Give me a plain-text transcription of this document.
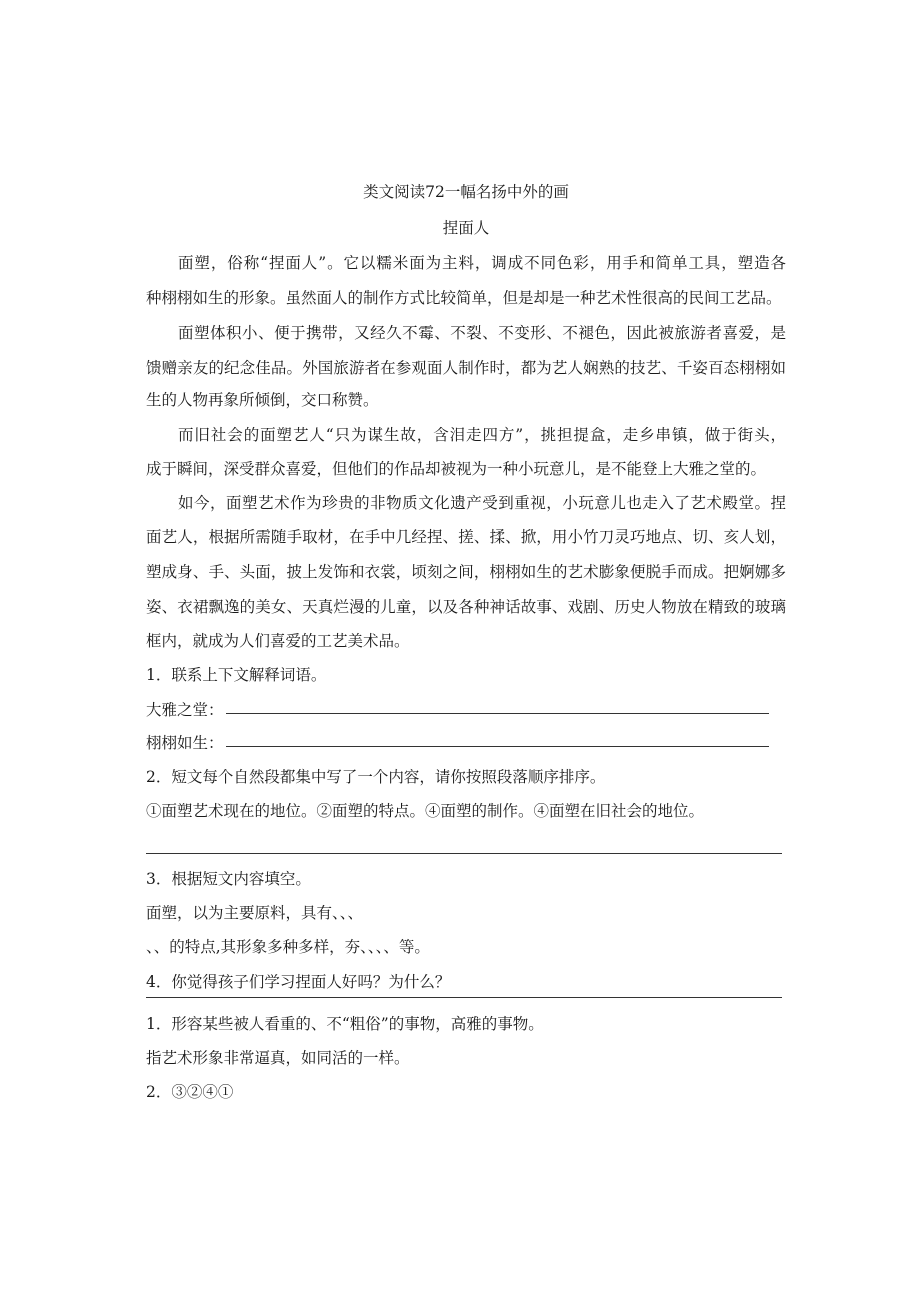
类文阅读72一幅名扬中外的画
捏面人
面塑，俗称“捏面人”。它以糯米面为主料，调成不同色彩，用手和简单工具，塑造各
种栩栩如生的形象。虽然面人的制作方式比较简单，但是却是一种艺术性很高的民间工艺品。
面塑体积小、便于携带，又经久不霉、不裂、不变形、不褪色，因此被旅游者喜爱，是
馈赠亲友的纪念佳品。外国旅游者在参观面人制作时，都为艺人娴熟的技艺、千姿百态栩栩如
生的人物再象所倾倒，交口称赞。
而旧社会的面塑艺人“只为谋生故，含泪走四方”，挑担提盒，走乡串镇，做于街头，
成于瞬间，深受群众喜爱，但他们的作品却被视为一种小玩意儿，是不能登上大雅之堂的。
如今，面塑艺术作为珍贵的非物质文化遗产受到重视，小玩意儿也走入了艺术殿堂。捏
面艺人，根据所需随手取材，在手中几经捏、搓、揉、掀，用小竹刀灵巧地点、切、亥人划，
塑成身、手、头面，披上发饰和衣裳，顷刻之间，栩栩如生的艺术膨象便脱手而成。把婀娜多
姿、衣裙飘逸的美女、天真烂漫的儿童，以及各种神话故事、戏剧、历史人物放在精致的玻璃
框内，就成为人们喜爱的工艺美术品。
1．联系上下文解释词语。
大雅之堂：
栩栩如生：
2．短文每个自然段都集中写了一个内容，请你按照段落顺序排序。
①面塑艺术现在的地位。②面塑的特点。④面塑的制作。④面塑在旧社会的地位。
3．根据短文内容填空。
面塑，以为主要原料，具有、、、
、、的特点,其形象多种多样，夯、、、、等。
4．你觉得孩子们学习捏面人好吗？为什么？
1．形容某些被人看重的、不“粗俗”的事物，高雅的事物。
指艺术形象非常逼真，如同活的一样。
2．③②④①
